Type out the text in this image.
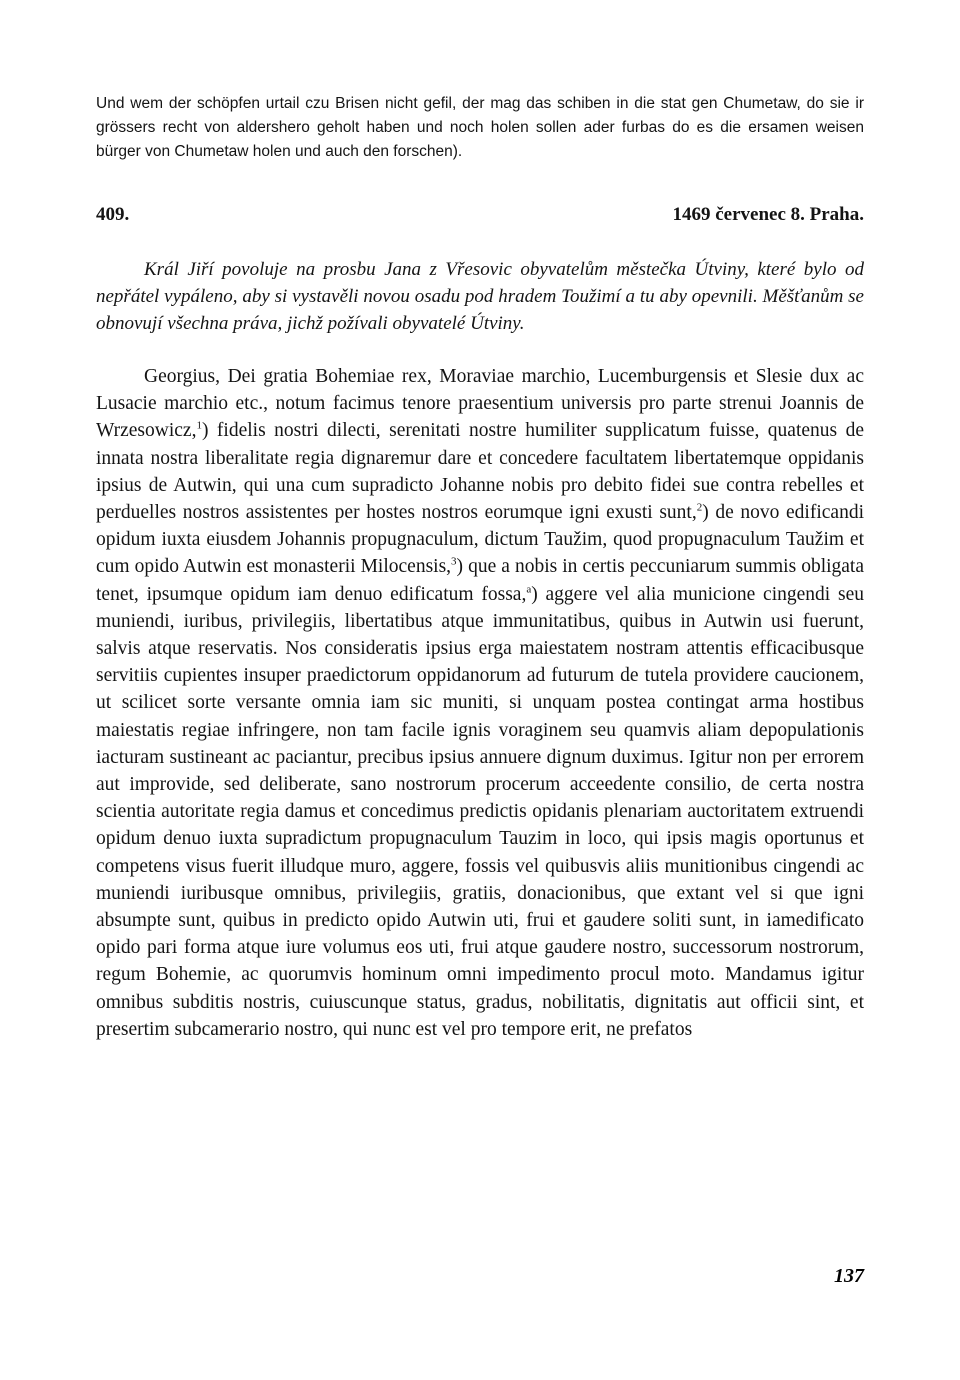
Und wem der schöpfen urtail czu Brisen nicht gefil, der mag das schiben in die stat gen Chumetaw, do sie ir grössers recht von aldershero geholt haben und noch holen sollen ader furbas do es die ersamen weisen bürger von Chumetaw holen und auch den forschen).

409.	1469 červenec 8. Praha.

Král Jiří povoluje na prosbu Jana z Vřesovic obyvatelům městečka Útviny, které bylo od nepřátel vypáleno, aby si vystavěli novou osadu pod hradem Toužimí a tu aby opevnili. Měšťanům se obnovují všechna práva, jichž požívali obyvatelé Útviny.

Georgius, Dei gratia Bohemiae rex, Moraviae marchio, Lucemburgensis et Slesie dux ac Lusacie marchio etc., notum facimus tenore praesentium universis pro parte strenui Joannis de Wrzesowicz,$^1$) fidelis nostri dilecti, serenitati nostre humiliter supplicatum fuisse, quatenus de innata nostra liberalitate regia dignaremur dare et concedere facultatem libertatemque oppidanis ipsius de Autwin, qui una cum supradicto Johanne nobis pro debito fidei sue contra rebelles et perduelles nostros assistentes per hostes nostros eorumque igni exusti sunt,$^2$) de novo edificandi opidum iuxta eiusdem Johannis propugnaculum, dictum Taužim, quod propugnaculum Taužim et cum opido Autwin est monasterii Milocensis,$^3$) que a nobis in certis peccuniarum summis obligata tenet, ipsumque opidum iam denuo edificatum fossa,$^a$) aggere vel alia municione cingendi seu muniendi, iuribus, privilegiis, libertatibus atque immunitatibus, quibus in Autwin usi fuerunt, salvis atque reservatis. Nos consideratis ipsius erga maiestatem nostram attentis efficacibusque servitiis cupientes insuper praedictorum oppidanorum ad futurum de tutela providere caucionem, ut scilicet sorte versante omnia iam sic muniti, si unquam postea contingat arma hostibus maiestatis regiae infringere, non tam facile ignis voraginem seu quamvis aliam depopulationis iacturam sustineant ac paciantur, precibus ipsius annuere dignum duximus. Igitur non per errorem aut improvide, sed deliberate, sano nostrorum procerum acceedente consilio, de certa nostra scientia autoritate regia damus et concedimus predictis opidanis plenariam auctoritatem extruendi opidum denuo iuxta supradictum propugnaculum Tauzim in loco, qui ipsis magis oportunus et competens visus fuerit illudque muro, aggere, fossis vel quibusvis aliis munitionibus cingendi ac muniendi iuribusque omnibus, privilegiis, gratiis, donacionibus, que extant vel si que igni absumpte sunt, quibus in predicto opido Autwin uti, frui et gaudere soliti sunt, in iamedificato opido pari forma atque iure volumus eos uti, frui atque gaudere nostro, successorum nostrorum, regum Bohemie, ac quorumvis hominum omni impedimento procul moto. Mandamus igitur omnibus subditis nostris, cuiuscunque status, gradus, nobilitatis, dignitatis aut officii sint, et presertim subcamerario nostro, qui nunc est vel pro tempore erit, ne prefatos

137
